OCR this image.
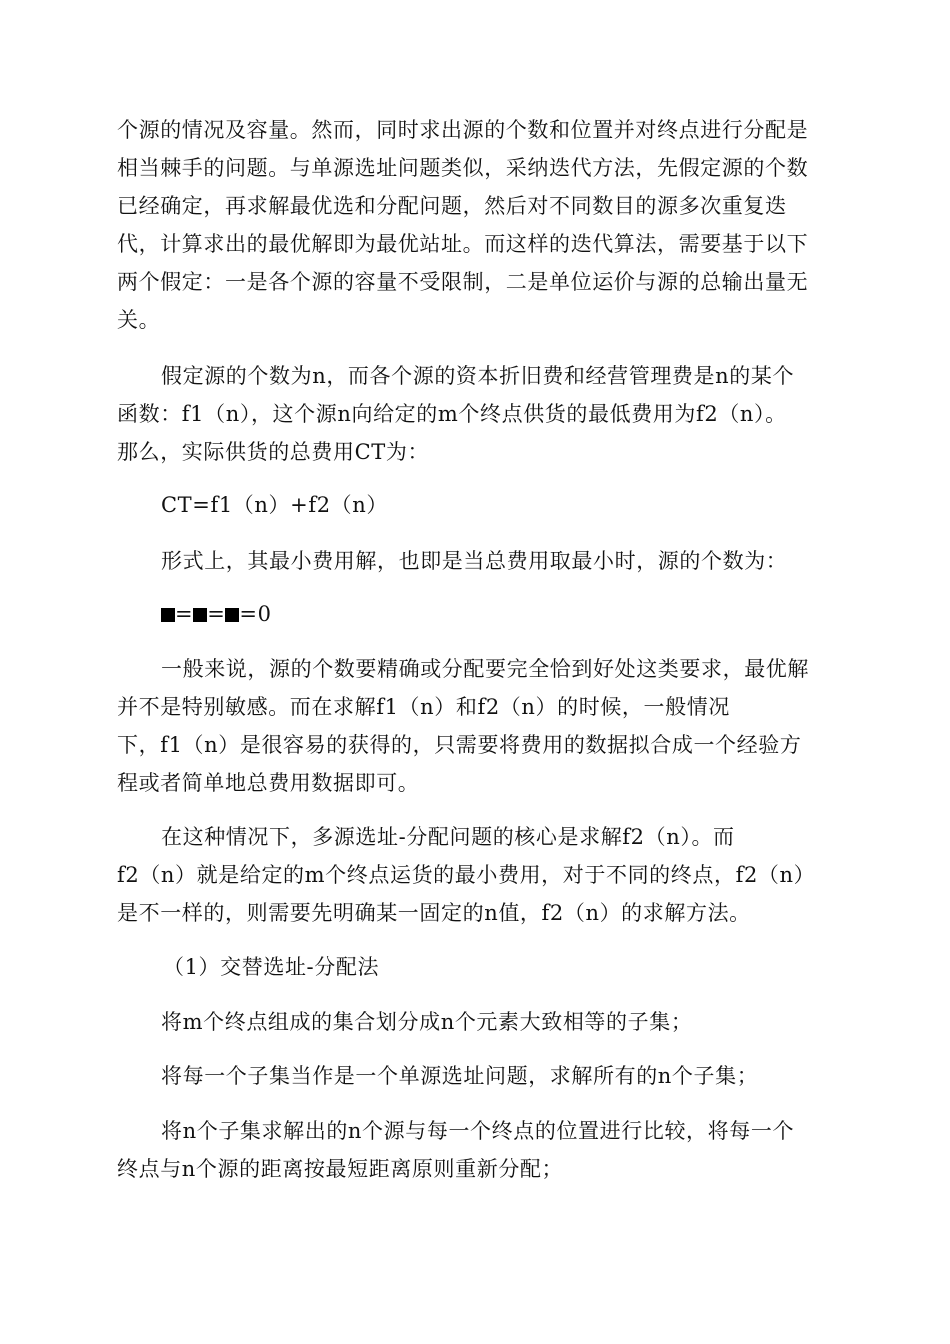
个源的情况及容量。然而，同时求出源的个数和位置并对终点进行分配是
相当棘手的问题。与单源选址问题类似，采纳迭代方法，先假定源的个数
已经确定，再求解最优选和分配问题，然后对不同数目的源多次重复迭
代，计算求出的最优解即为最优站址。而这样的迭代算法，需要基于以下
两个假定：一是各个源的容量不受限制，二是单位运价与源的总输出量无
关。
假定源的个数为n，而各个源的资本折旧费和经营管理费是n的某个
函数：f1（n），这个源n向给定的m个终点供货的最低费用为f2（n）。
那么，实际供货的总费用CT为：
CT=f1（n）+f2（n）
形式上，其最小费用解，也即是当总费用取最小时，源的个数为：
= = =0
一般来说，源的个数要精确或分配要完全恰到好处这类要求，最优解
并不是特别敏感。而在求解f1（n）和f2（n）的时候，一般情况
下，f1（n）是很容易的获得的，只需要将费用的数据拟合成一个经验方
程或者简单地总费用数据即可。
在这种情况下，多源选址-分配问题的核心是求解f2（n）。而
f2（n）就是给定的m个终点运货的最小费用，对于不同的终点，f2（n）
是不一样的，则需要先明确某一固定的n值，f2（n）的求解方法。
（1）交替选址-分配法
将m个终点组成的集合划分成n个元素大致相等的子集；
将每一个子集当作是一个单源选址问题，求解所有的n个子集；
将n个子集求解出的n个源与每一个终点的位置进行比较，将每一个
终点与n个源的距离按最短距离原则重新分配；
